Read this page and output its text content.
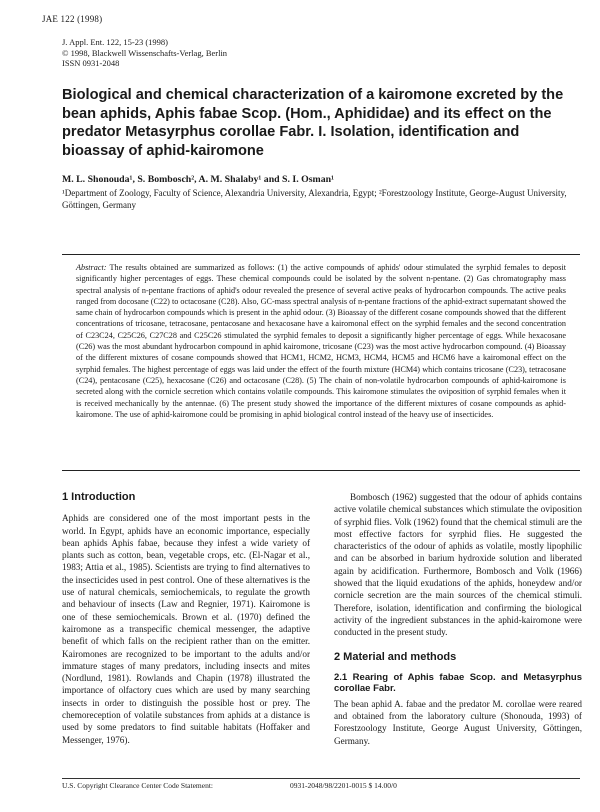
JAE 122 (1998)
J. Appl. Ent. 122, 15-23 (1998)
© 1998, Blackwell Wissenschafts-Verlag, Berlin
ISSN 0931-2048
Biological and chemical characterization of a kairomone excreted by the bean aphids, Aphis fabae Scop. (Hom., Aphididae) and its effect on the predator Metasyrphus corollae Fabr. I. Isolation, identification and bioassay of aphid-kairomone
M. L. Shonouda¹, S. Bombosch², A. M. Shalaby¹ and S. I. Osman¹
¹Department of Zoology, Faculty of Science, Alexandria University, Alexandria, Egypt; ²Forestzoology Institute, George-August University, Göttingen, Germany
Abstract: The results obtained are summarized as follows: (1) the active compounds of aphids' odour stimulated the syrphid females to deposit significantly higher percentages of eggs. These chemical compounds could be isolated by the solvent n-pentane. (2) Gas chromatography mass spectral analysis of n-pentane fractions of aphid's odour revealed the presence of several active peaks of hydrocarbon compounds. The active peaks ranged from docosane (C22) to octacosane (C28). Also, GC-mass spectral analysis of n-pentane fractions of the aphid-extract supernatant showed the same chain of hydrocarbon compounds which is present in the aphid odour. (3) Bioassay of the different cosane compounds showed that the different concentrations of tricosane, tetracosane, pentacosane and hexacosane have a kairomonal effect on the syrphid females and the second concentration of C23C24, C25C26, C27C28 and C25C26 stimulated the syrphid females to deposit a significantly higher percentage of eggs. While hexacosane (C26) was the most abundant hydrocarbon compound in aphid kairomone, tricosane (C23) was the most active hydrocarbon compound. (4) Bioassay of the different mixtures of cosane compounds showed that HCM1, HCM2, HCM3, HCM4, HCM5 and HCM6 have a kairomonal effect on the syrphid females. The highest percentage of eggs was laid under the effect of the fourth mixture (HCM4) which contains tricosane (C23), tetracosane (C24), pentacosane (C25), hexacosane (C26) and octacosane (C28). (5) The chain of non-volatile hydrocarbon compounds of aphid-kairomone is secreted along with the cornicle secretion which contains volatile compounds. This kairomone stimulates the oviposition of syrphid females when it is received mechanically by the antennae. (6) The present study showed the importance of the different mixtures of cosane compounds as aphid-kairomone. The use of aphid-kairomone could be promising in aphid biological control instead of the heavy use of insecticides.
1 Introduction

Aphids are considered one of the most important pests in the world. In Egypt, aphids have an economic importance, especially bean aphids Aphis fabae, because they infest a wide variety of plants such as cotton, bean, vegetable crops, etc. (El-Nagar et al., 1983; Attia et al., 1985). Scientists are trying to find alternatives to the insecticides used in pest control. One of these alternatives is the use of natural chemicals, semiochemicals, to regulate the growth and behaviour of insects (Law and Regnier, 1971). Kairomone is one of these semiochemicals. Brown et al. (1970) defined the kairomone as a transpecific chemical messenger, the adaptive benefit of which falls on the recipient rather than on the emitter. Kairomones are recognized to be important to the adults and/or immature stages of many predators, including insects and mites (Nordlund, 1981). Rowlands and Chapin (1978) illustrated the importance of olfactory cues which are used by many searching insects in order to distinguish the possible host or prey. The chemoreception of volatile substances from aphids at a distance is used by some predators to find suitable habitats (Hoffaker and Messenger, 1976).

Bombosch (1962) suggested that the odour of aphids contains active volatile chemical substances which stimulate the oviposition of syrphid flies. Volk (1962) found that the chemical stimuli are the most effective factors for syrphid flies. He suggested the characteristics of the odour of aphids as volatile, mostly lipophilic and can be absorbed in barium hydroxide solution and liberated again by acidification. Furthermore, Bombosch and Volk (1966) showed that the liquid exudations of the aphids, honeydew and/or cornicle secretion are the main sources of the chemical stimuli. Therefore, isolation, identification and confirming the biological activity of the ingredient substances in the aphid-kairomone were conducted in the present study.

2 Material and methods
2.1 Rearing of Aphis fabae Scop. and Metasyrphus corollae Fabr.

The bean aphid A. fabae and the predator M. corollae were reared and obtained from the laboratory culture (Shonouda, 1993) of Forestzoology Institute, George August University, Göttingen, Germany.

U.S. Copyright Clearance Center Code Statement:	0931-2048/98/2201-0015 $ 14.00/0
